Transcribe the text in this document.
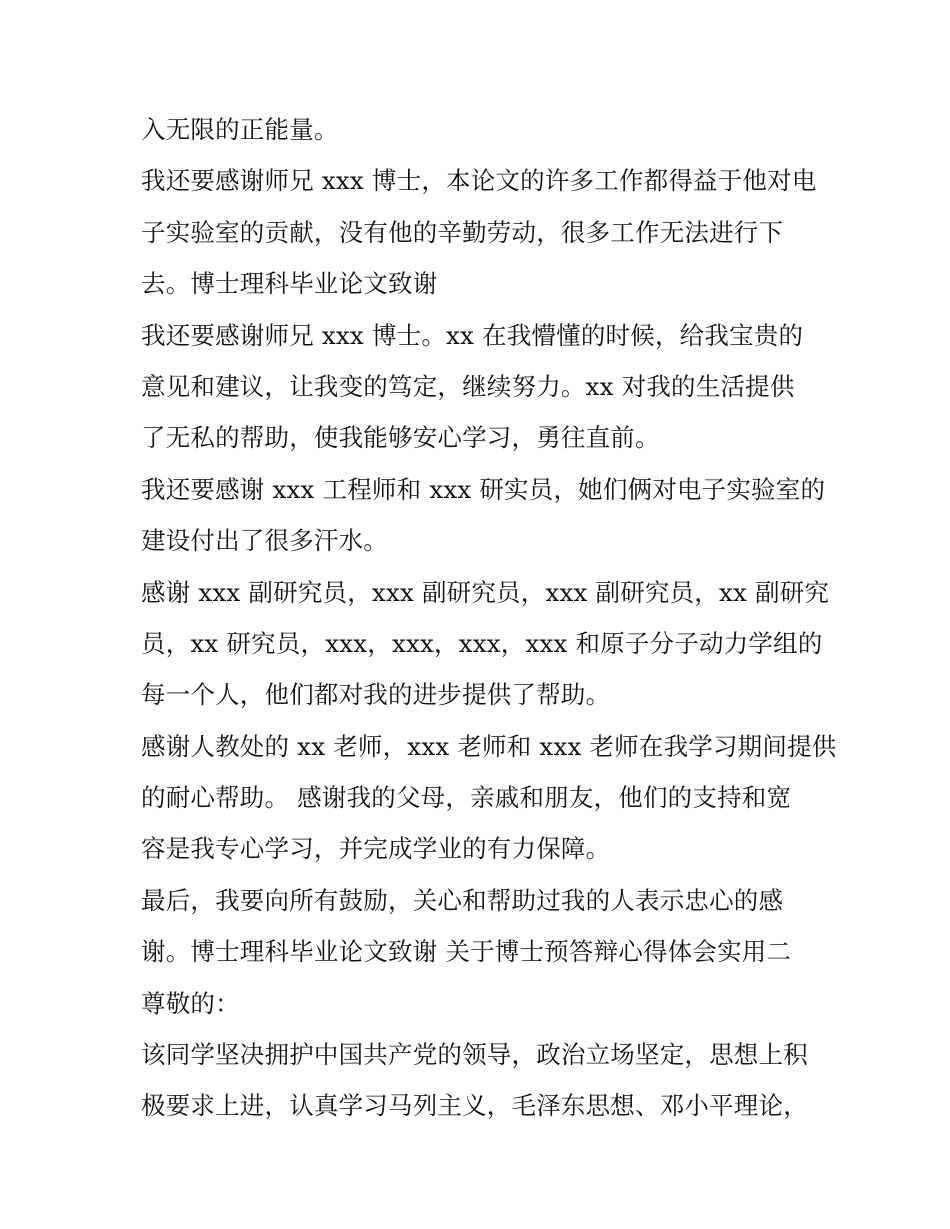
入无限的正能量。
我还要感谢师兄 xxx 博士，本论文的许多工作都得益于他对电
子实验室的贡献，没有他的辛勤劳动，很多工作无法进行下
去。博士理科毕业论文致谢
我还要感谢师兄 xxx 博士。xx 在我懵懂的时候，给我宝贵的
意见和建议，让我变的笃定，继续努力。xx 对我的生活提供
了无私的帮助，使我能够安心学习，勇往直前。
我还要感谢 xxx 工程师和 xxx 研实员，她们俩对电子实验室的
建设付出了很多汗水。
感谢 xxx 副研究员，xxx 副研究员，xxx 副研究员，xx 副研究
员，xx 研究员，xxx，xxx，xxx，xxx 和原子分子动力学组的
每一个人，他们都对我的进步提供了帮助。
感谢人教处的 xx 老师，xxx 老师和 xxx 老师在我学习期间提供
的耐心帮助。 感谢我的父母，亲戚和朋友，他们的支持和宽
容是我专心学习，并完成学业的有力保障。
最后，我要向所有鼓励，关心和帮助过我的人表示忠心的感
谢。博士理科毕业论文致谢 关于博士预答辩心得体会实用二
尊敬的：
该同学坚决拥护中国共产党的领导，政治立场坚定，思想上积
极要求上进，认真学习马列主义，毛泽东思想、邓小平理论，
